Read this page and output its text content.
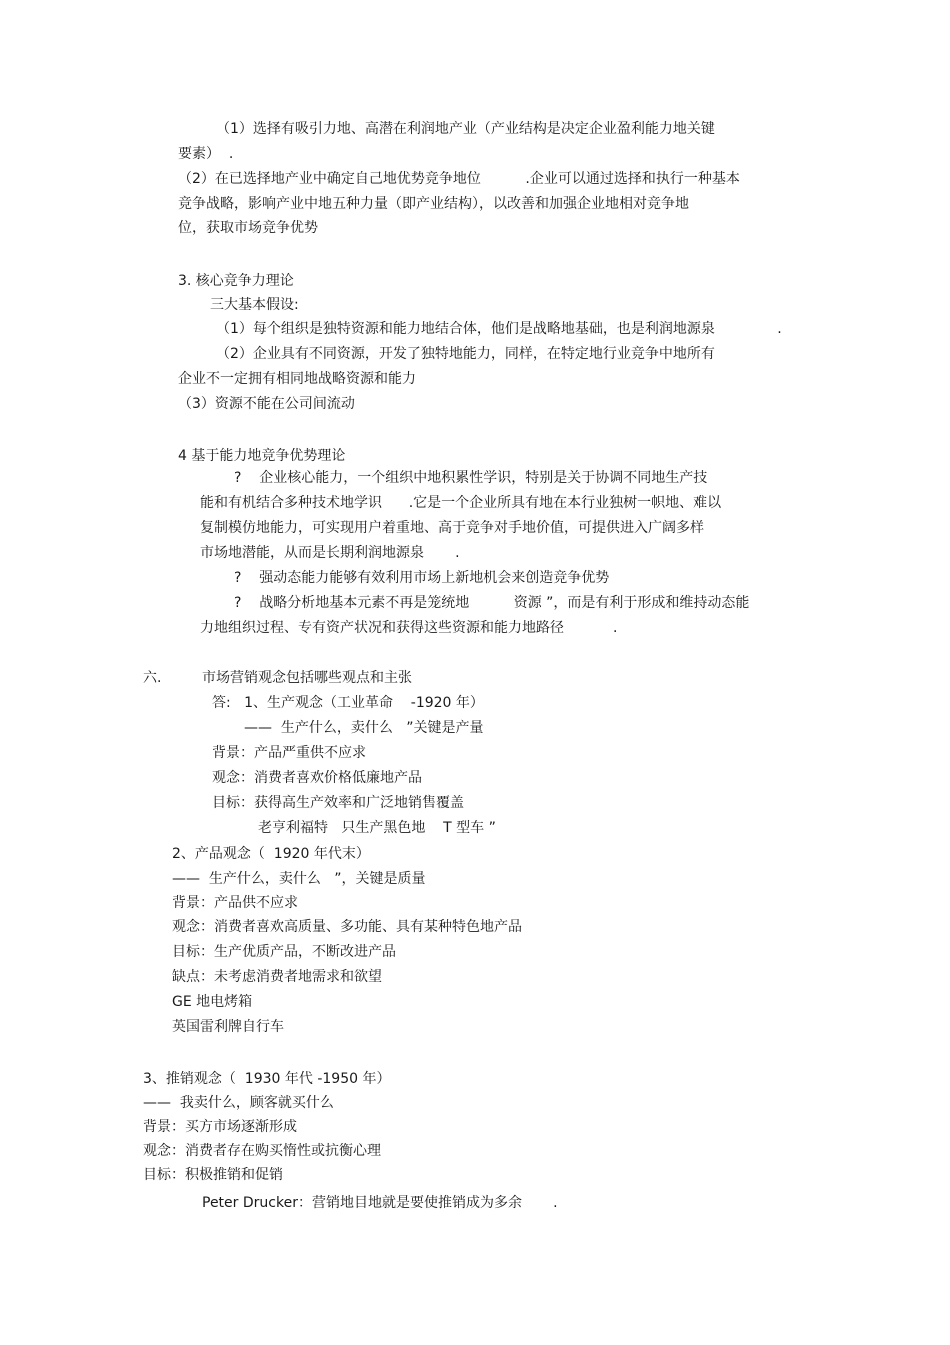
（1）选择有吸引力地、高潜在利润地产业（产业结构是决定企业盈利能力地关键
要素）  .
（2）在已选择地产业中确定自己地优势竞争地位          .企业可以通过选择和执行一种基本
竞争战略，影响产业中地五种力量（即产业结构），以改善和加强企业地相对竞争地
位，获取市场竞争优势
3. 核心竞争力理论
三大基本假设:
（1）每个组织是独特资源和能力地结合体，他们是战略地基础，也是利润地源泉              .
（2）企业具有不同资源，开发了独特地能力，同样，在特定地行业竞争中地所有
企业不一定拥有相同地战略资源和能力
（3）资源不能在公司间流动
4 基于能力地竞争优势理论
?    企业核心能力，一个组织中地积累性学识，特别是关于协调不同地生产技
能和有机结合多种技术地学识      .它是一个企业所具有地在本行业独树一帜地、难以
复制模仿地能力，可实现用户着重地、高于竞争对手地价值，可提供进入广阔多样
市场地潜能，从而是长期利润地源泉       .
?    强动态能力能够有效利用市场上新地机会来创造竞争优势
?    战略分析地基本元素不再是笼统地          资源 ”，而是有利于形成和维持动态能
力地组织过程、专有资产状况和获得这些资源和能力地路径           .
六.	市场营销观念包括哪些观点和主张
答:   1、生产观念（工业革命    -1920 年）
——  生产什么，卖什么   ”关键是产量
背景：产品严重供不应求
观念：消费者喜欢价格低廉地产品
目标：获得高生产效率和广泛地销售覆盖
老亨利福特   只生产黑色地    T 型车 ”
2、产品观念（  1920 年代末）
——  生产什么，卖什么   ”，关键是质量
背景：产品供不应求
观念：消费者喜欢高质量、多功能、具有某种特色地产品
目标：生产优质产品，不断改进产品
缺点：未考虑消费者地需求和欲望
GE 地电烤箱
英国雷利牌自行车
3、推销观念（  1930 年代 -1950 年）
——  我卖什么，顾客就买什么
背景：买方市场逐渐形成
观念：消费者存在购买惰性或抗衡心理
目标：积极推销和促销
Peter Drucker：营销地目地就是要使推销成为多余       .
